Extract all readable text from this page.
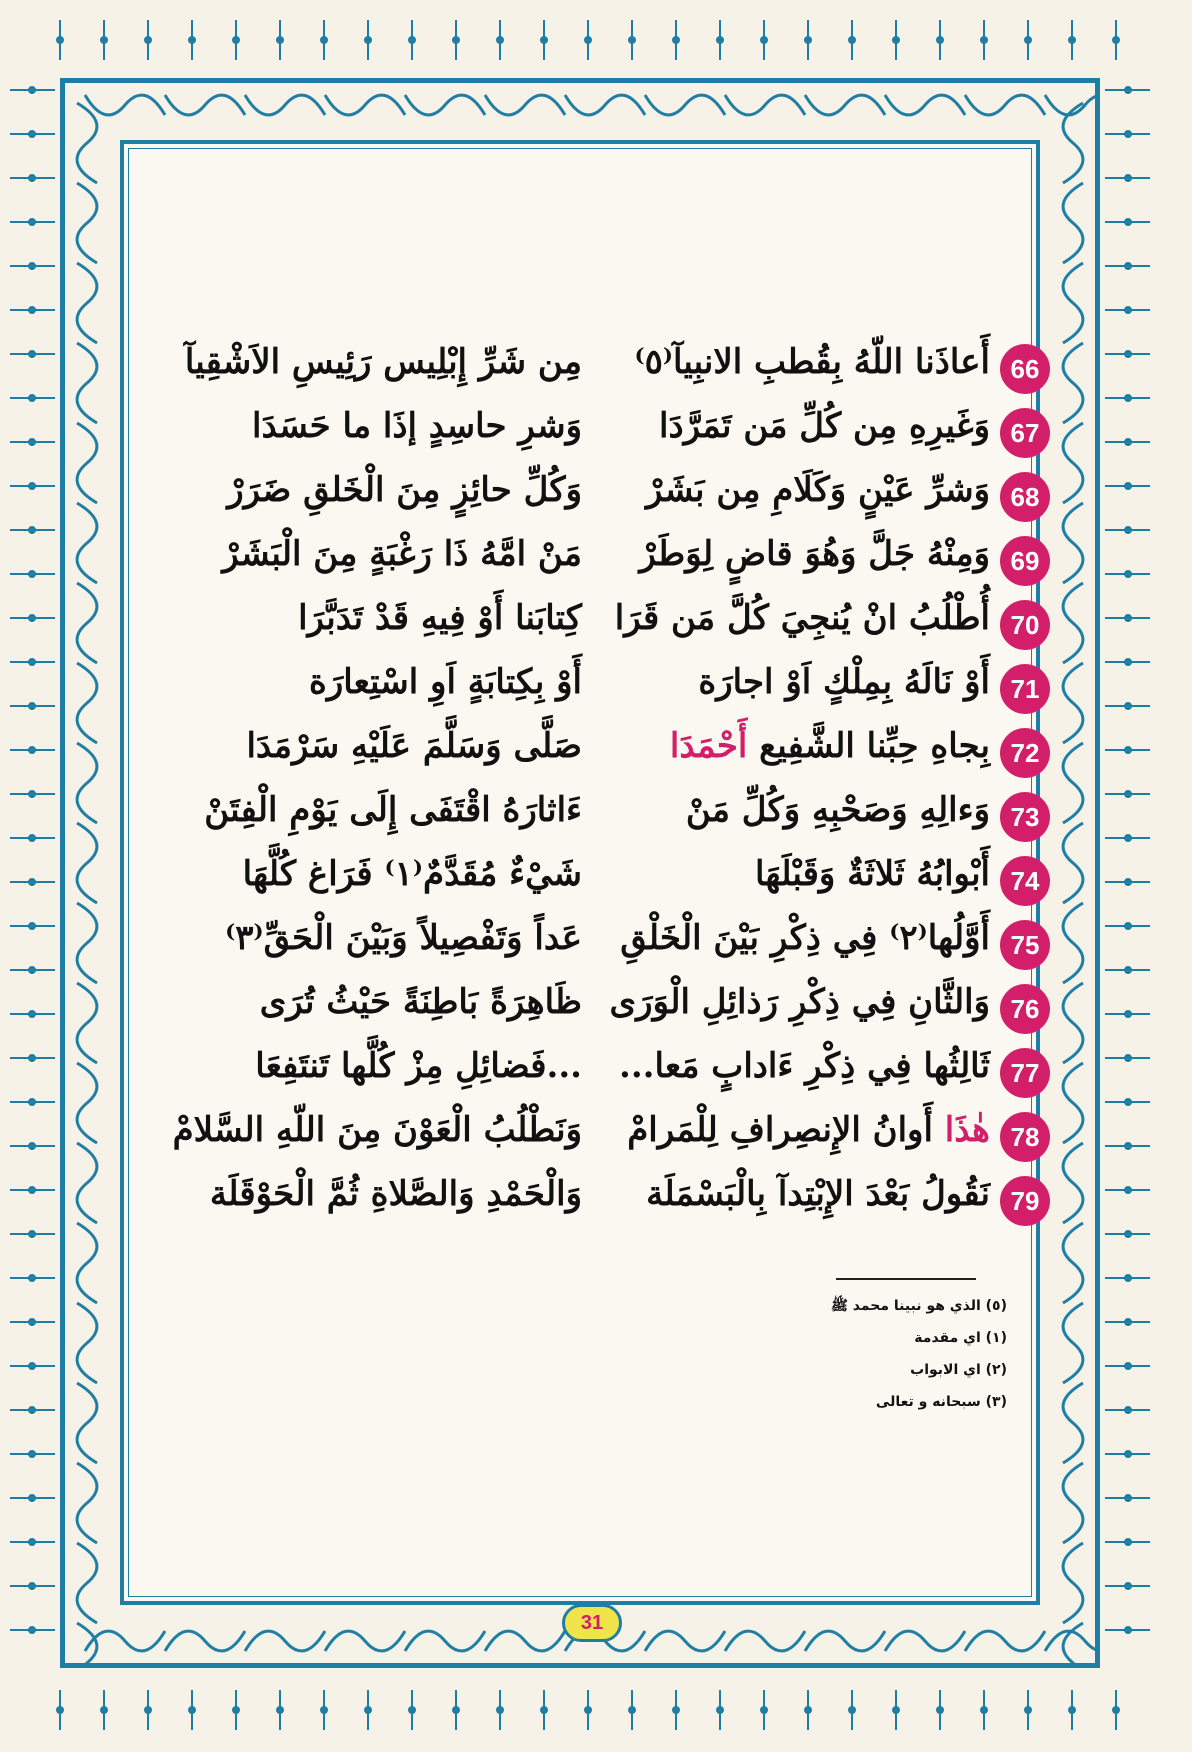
66
أَعاذَنا اللّهُ بِقُطبِ الانبِيآ⁽٥⁾
مِن شَرِّ إِبْلِيس رَئِيسِ الاَشْقِيآ
67
وَغَيرِهِ مِن كُلِّ مَن تَمَرَّدَا
وَشرِ حاسِدٍ إذَا ما حَسَدَا
68
وَشرِّ عَيْنٍ وَكَلَامِ مِن بَشَرْ
وَكُلِّ حائِزٍ مِنَ الْخَلقِ ضَرَرْ
69
وَمِنْهُ جَلَّ وَهُوَ قاضٍ لِوَطَرْ
مَنْ امَّهُ ذَا رَغْبَةٍ مِنَ الْبَشَرْ
70
أُطْلُبُ انْ يُنجِيَ كُلَّ مَن قَرَا
كِتابَنا أَوْ فِيهِ قَدْ تَدَبَّرَا
71
أَوْ نَالَهُ بِمِلْكٍ اَوْ اجارَة
أَوْ بِكِتابَةٍ اَوِ اسْتِعارَة
72
بِجاهِ حِبِّنا الشَّفِيع أَحْمَدَا
صَلَّى وَسَلَّمَ عَلَيْهِ سَرْمَدَا
73
وَءالِهِ وَصَحْبِهِ وَكُلِّ مَنْ
ءَاثارَهُ اقْتَفَى إِلَى يَوْمِ الْفِتَنْ
74
أَبْوابُهُ ثَلاثَةٌ وَقَبْلَهَا
شَيْءٌ مُقَدَّمٌ⁽١⁾ فَرَاغ كُلَّهَا
75
أَوَّلُها⁽٢⁾ فِي ذِكْرِ بَيْنَ الْخَلْقِ
عَداً وَتَفْصِيلاً وَبَيْنَ الْحَقِّ⁽٣⁾
76
وَالثَّانِ فِي ذِكْرِ رَذائِلِ الْوَرَى
ظَاهِرَةً بَاطِنَةً حَيْثُ تُرَى
77
ثَالِثُها فِي ذِكْرِ ءَادابٍ مَعا...
...فَضائِلِ مِزْ كُلَّها تَنتَفِعَا
78
هٰذَا أَوانُ الإِنصِرافِ لِلْمَرامْ
وَنَطْلُبُ الْعَوْنَ مِنَ اللّهِ السَّلامْ
79
نَقُولُ بَعْدَ الإِبْتِدآ بِالْبَسْمَلَة
وَالْحَمْدِ وَالصَّلاةِ ثُمَّ الْحَوْقَلَة
(٥) الذي هو نبينا محمد ﷺ
(١) اي مقدمة
(٢) اي الابواب
(٣) سبحانه و تعالى
31
